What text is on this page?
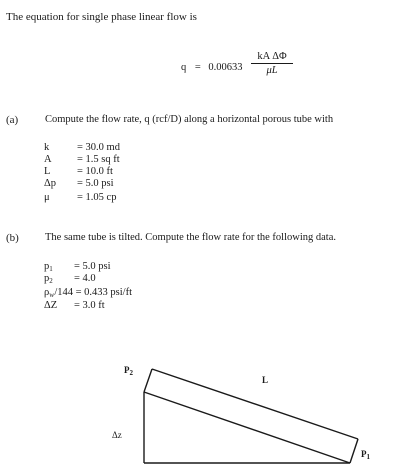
The equation for single phase linear flow is
q = 0.00633
kA ΔΦ
μL
(a)	Compute the flow rate, q (rcf/D) along a horizontal porous tube with
k	= 30.0 md
A = 1.5 sq ft
L	= 10.0 ft
Δp = 5.0 psi
μ	= 1.05 cp
(b) The same tube is tilted. Compute the flow rate for the following data.
$p_1 = 5.0$ psi
$p_2 = 4.0$
$\rho_w/144 = 0.433$ psi/ft
ΔZ = 3.0 ft
$P_2$
L
Δz
$P_1$
